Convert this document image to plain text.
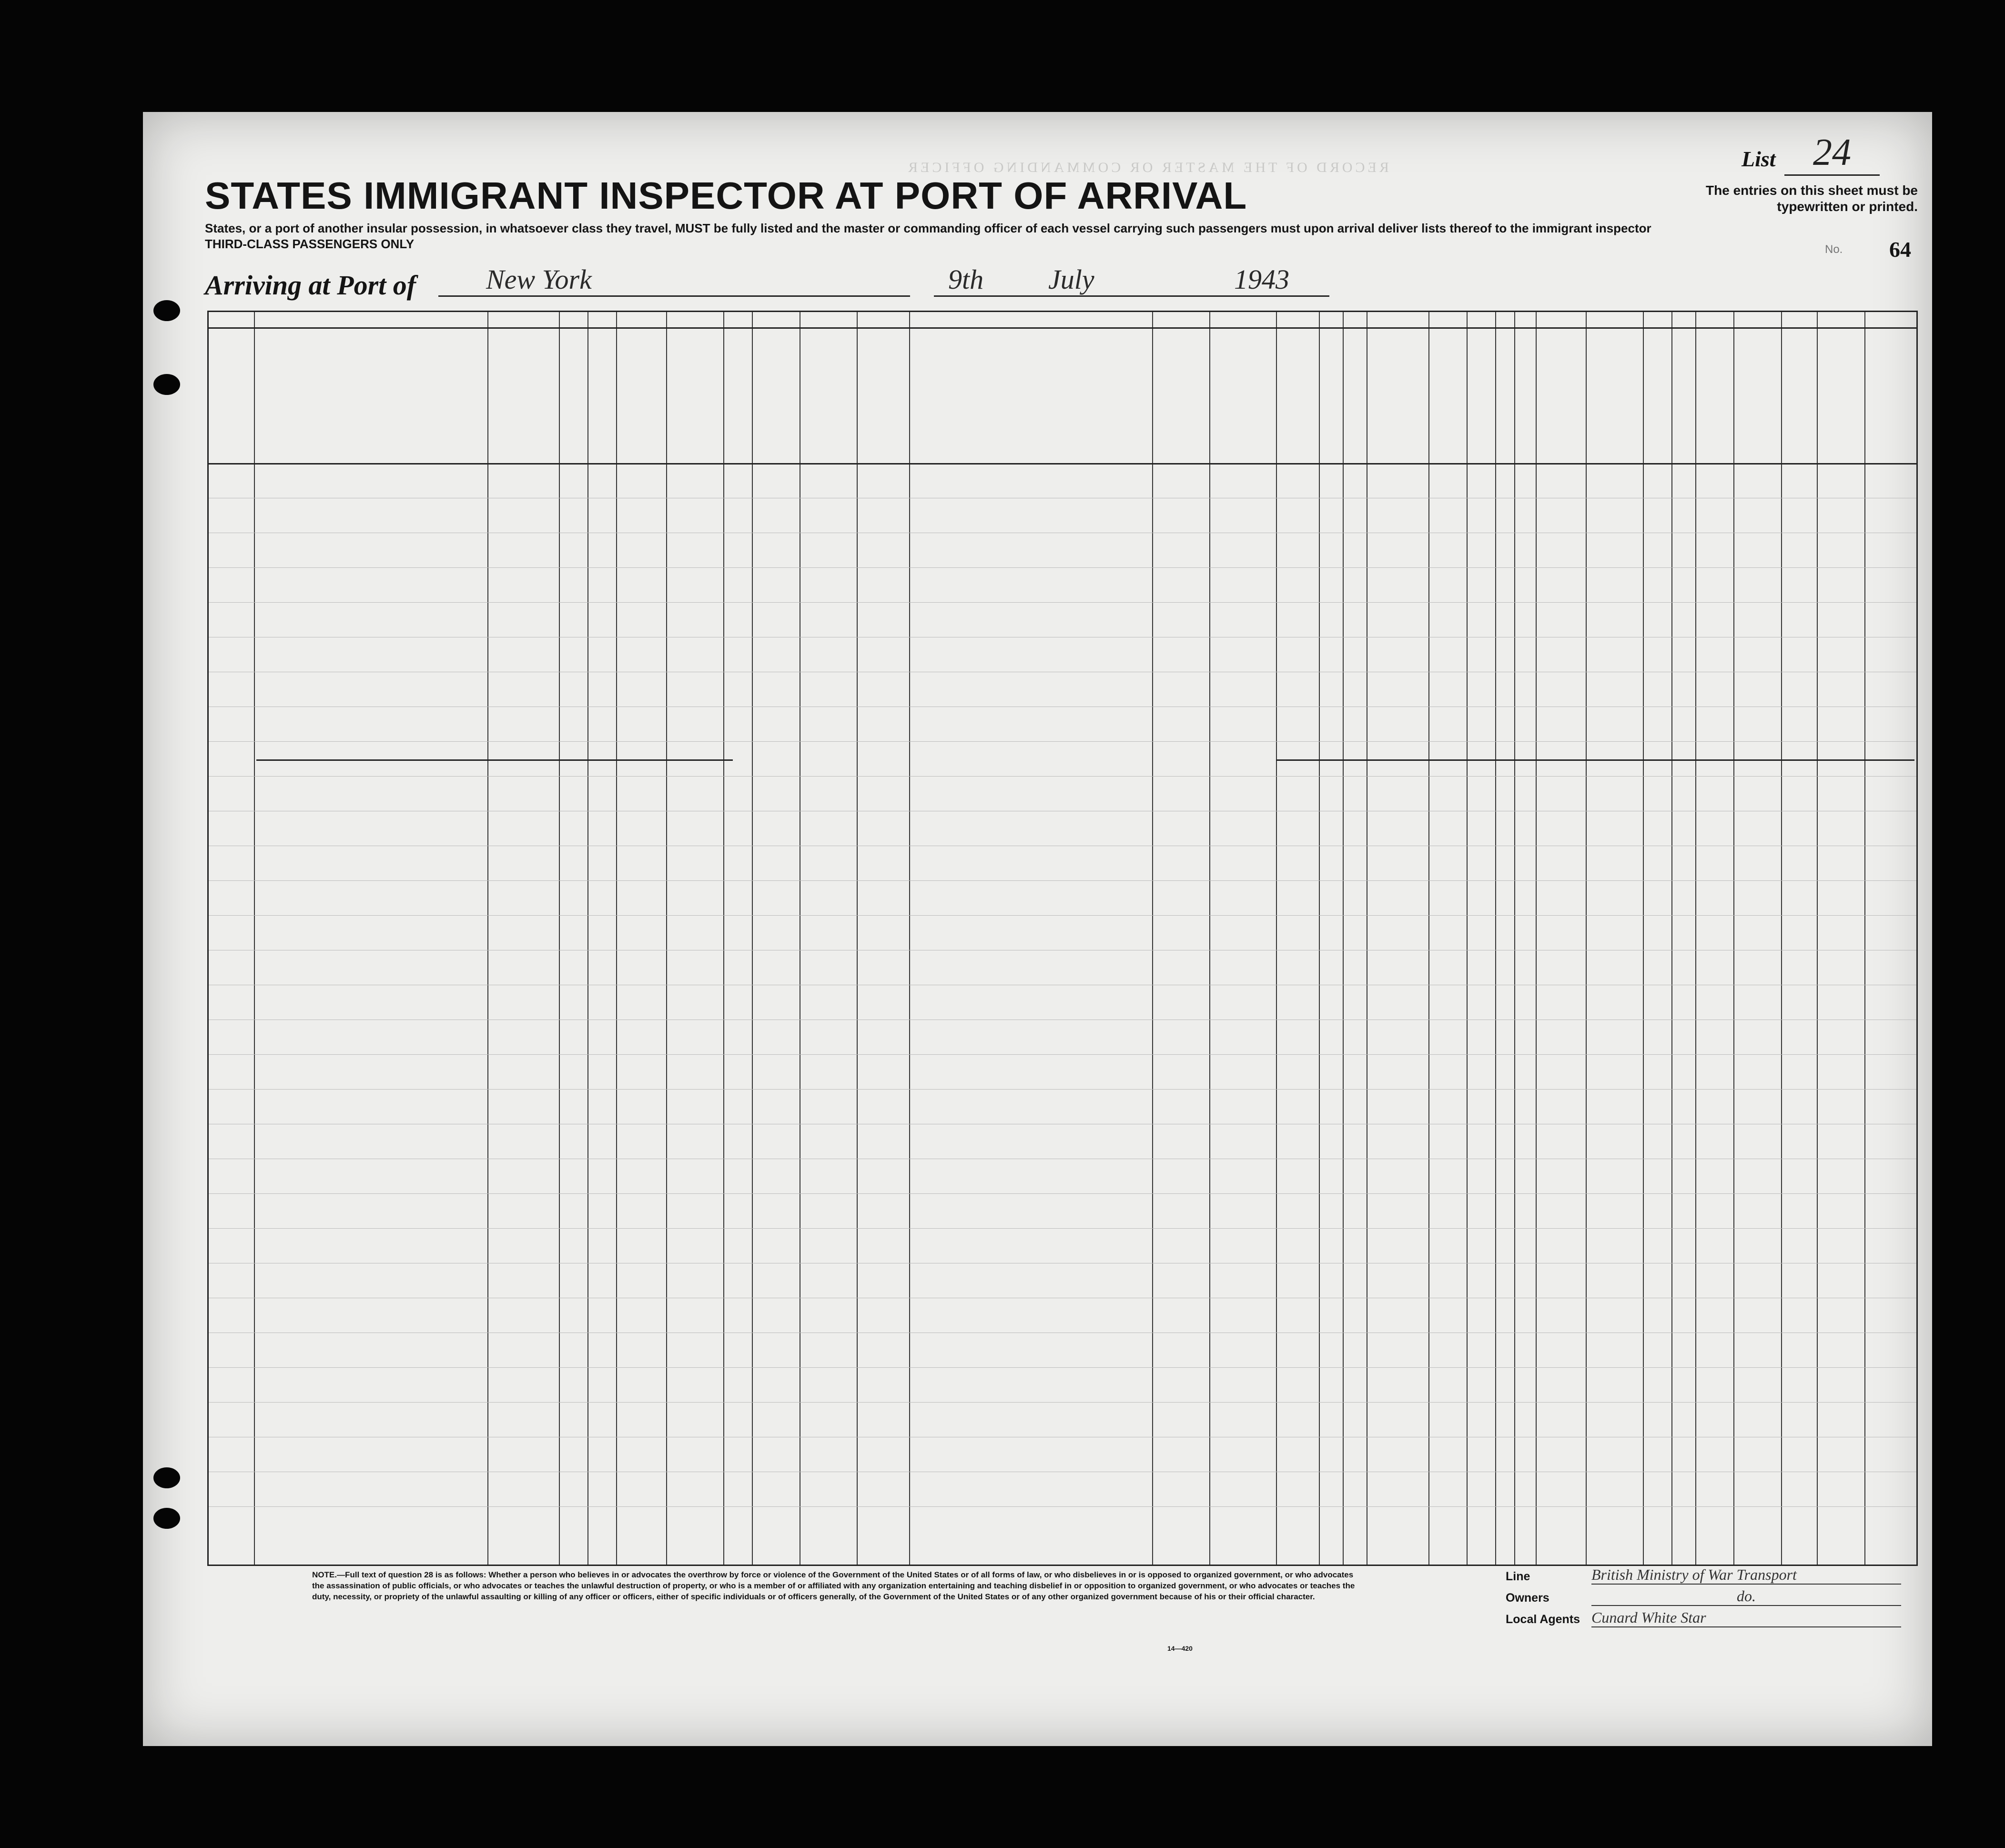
RECORD OF THE MASTER OR COMMANDING OFFICER	List 24
The entries on this sheet must be typewritten or printed.
STATES IMMIGRANT INSPECTOR AT PORT OF ARRIVAL
States, or a port of another insular possession, in whatsoever class they travel, MUST be fully listed and the master or commanding officer of each vessel carrying such passengers must upon arrival deliver lists thereof to the immigrant inspector
THIRD-CLASS PASSENGERS ONLY
Arriving at Port of	New York	9th July	1943
No. 64
NOTE.—Full text of question 28 is as follows: Whether a person who believes in or advocates the overthrow by force or violence of the Government of the United States or of all forms of law, or who disbelieves in or is opposed to organized government, or who advocates the assassination of public officials, or who advocates or teaches the unlawful destruction of property, or who is a member of or affiliated with any organization entertaining and teaching disbelief in or opposition to organized government, or who advocates or teaches the duty, necessity, or propriety of the unlawful assaulting or killing of any officer or officers, either of specific individuals or of officers generally, of the Government of the United States or of any other organized government because of his or their official character.
14—420
Line	British Ministry of War Transport
Owners	do.
Local Agents Cunard White Star
